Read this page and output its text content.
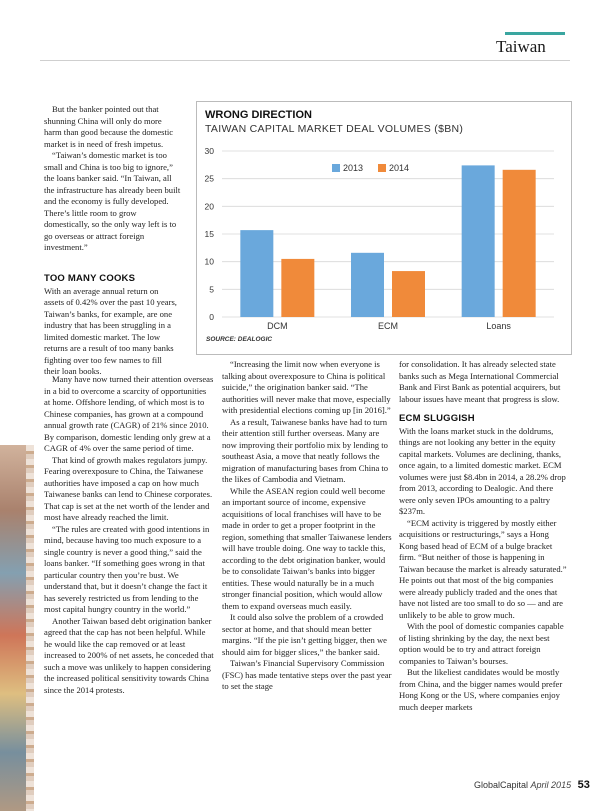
Taiwan

But the banker pointed out that shunning China will only do more harm than good because the domestic market is in need of fresh impetus.

“Taiwan’s domestic market is too small and China is too big to ignore,” the loans banker said. “In Taiwan, all the infrastructure has already been built and the economy is fully developed. There’s little room to grow domestically, so the only way left is to go overseas or attract foreign investment.”

TOO MANY COOKS

With an average annual return on assets of 0.42% over the past 10 years, Taiwan’s banks, for example, are one industry that has been struggling in a limited domestic market. The low returns are a result of too many banks fighting over too few names to fill their loan books.

Many have now turned their attention overseas in a bid to overcome a scarcity of opportunities at home. Offshore lending, of which most is to Chinese companies, has grown at a compound annual growth rate (CAGR) of 21% since 2010. By comparison, domestic lending only grew at a CAGR of 4% over the same period of time.

That kind of growth makes regulators jumpy. Fearing overexposure to China, the Taiwanese authorities have imposed a cap on how much Taiwanese banks can lend to Chinese corporates. That cap is set at the net worth of the lender and most have already reached the limit.

“The rules are created with good intentions in mind, because having too much exposure to a single country is never a good thing,” said the loans banker. “If something goes wrong in that particular country then you’re bust. We understand that, but it doesn’t change the fact it has severely restricted us from lending to the most capital hungry country in the world.”

Another Taiwan based debt origination banker agreed that the cap has not been helpful. While he would like the cap removed or at least increased to 200% of net assets, he conceded that such a move was unlikely to happen considering the increased political sensitivity towards China since the 2014 protests.

“Increasing the limit now when everyone is talking about overexposure to China is political suicide,” the origination banker said. “The authorities will never make that move, especially with presidential elections coming up [in 2016].”

As a result, Taiwanese banks have had to turn their attention still further overseas. Many are now improving their portfolio mix by lending to southeast Asia, a move that neatly follows the migration of manufacturing bases from China to the likes of Cambodia and Vietnam.

While the ASEAN region could well become an important source of income, expensive acquisitions of local franchises will have to be made in order to get a proper footprint in the region, something that smaller Taiwanese lenders will have trouble doing. One way to tackle this, according to the debt origination banker, would be to consolidate Taiwan’s banks into bigger entities. These would naturally be in a much stronger financial position, which would allow them to expand overseas much easily.

It could also solve the problem of a crowded sector at home, and that should mean better margins. “If the pie isn’t getting bigger, then we should aim for bigger slices,” the banker said.

Taiwan’s Financial Supervisory Commission (FSC) has made tentative steps over the past year to set the stage

for consolidation. It has already selected state banks such as Mega International Commercial Bank and First Bank as potential acquirers, but labour issues have meant that progress is slow.

ECM SLUGGISH

With the loans market stuck in the doldrums, things are not looking any better in the equity capital markets. Volumes are declining, thanks, once again, to a limited domestic market. ECM volumes were just $8.4bn in 2014, a 28.2% drop from 2013, according to Dealogic. And there were only seven IPOs amounting to a paltry $237m.

“ECM activity is triggered by mostly either acquisitions or restructurings,” says a Hong Kong based head of ECM of a bulge bracket firm. “But neither of those is happening in Taiwan because the market is already saturated.” He points out that most of the big companies were already publicly traded and the ones that have not listed are too small to do so — and are unlikely to be able to grow much.

With the pool of domestic companies capable of listing shrinking by the day, the next best option would be to try and attract foreign companies to Taiwan’s bourses.

But the likeliest candidates would be mostly from China, and the bigger names would prefer Hong Kong or the US, where companies enjoy much deeper markets

WRONG DIRECTION
TAIWAN CAPITAL MARKET DEAL VOLUMES ($BN)
0
5
10
15
20
25
30
DCM	ECM	Loans
2013	2014
SOURCE: DEALOGIC
GlobalCapital April 2015 53
